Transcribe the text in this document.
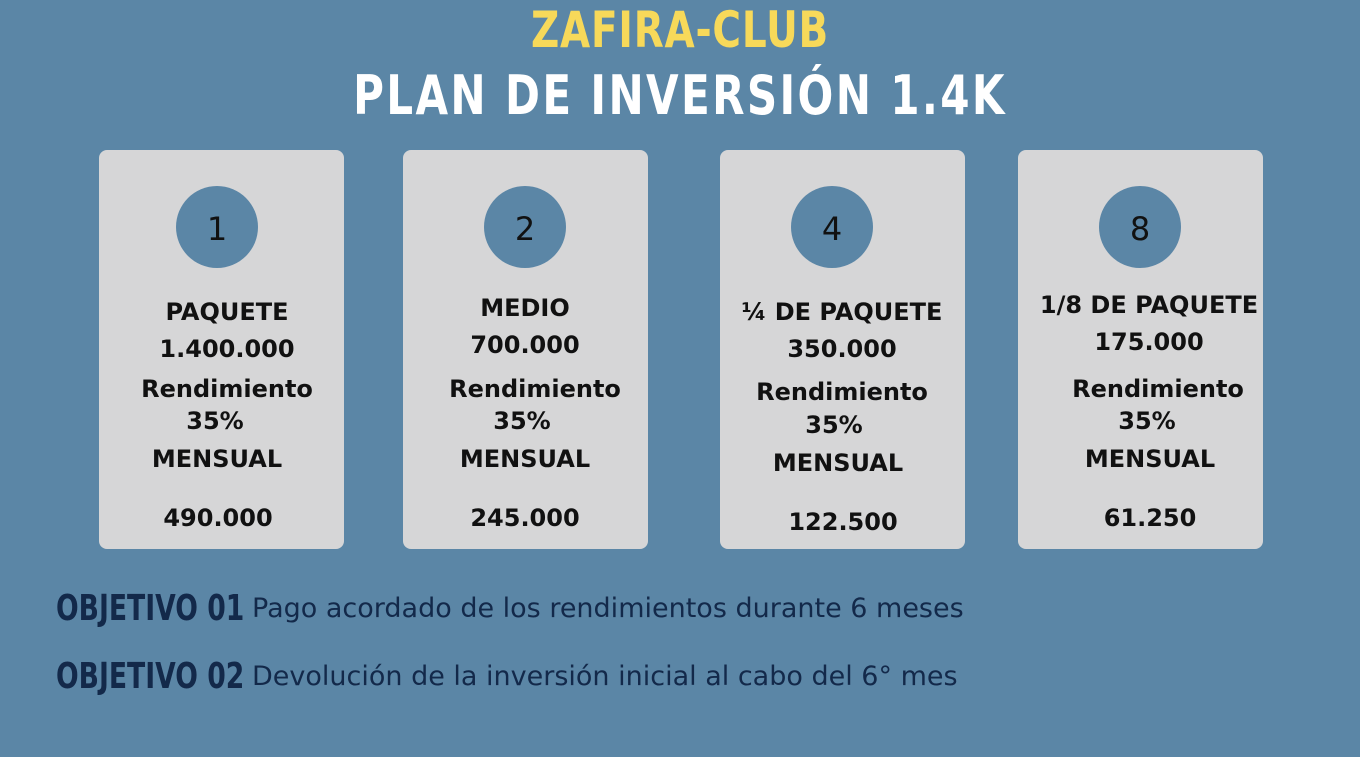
ZAFIRA-CLUB
PLAN DE INVERSIÓN 1.4K
1
PAQUETE
1.400.000
Rendimiento
35%
MENSUAL
490.000
2
MEDIO
700.000
Rendimiento
35%
MENSUAL
245.000
4
¼ DE PAQUETE
350.000
Rendimiento
35%
MENSUAL
122.500
8
1/8 DE PAQUETE
175.000
Rendimiento
35%
MENSUAL
61.250
OBJETIVO 01 Pago acordado de los rendimientos durante 6 meses
OBJETIVO 02 Devolución de la inversión inicial al cabo del 6° mes
